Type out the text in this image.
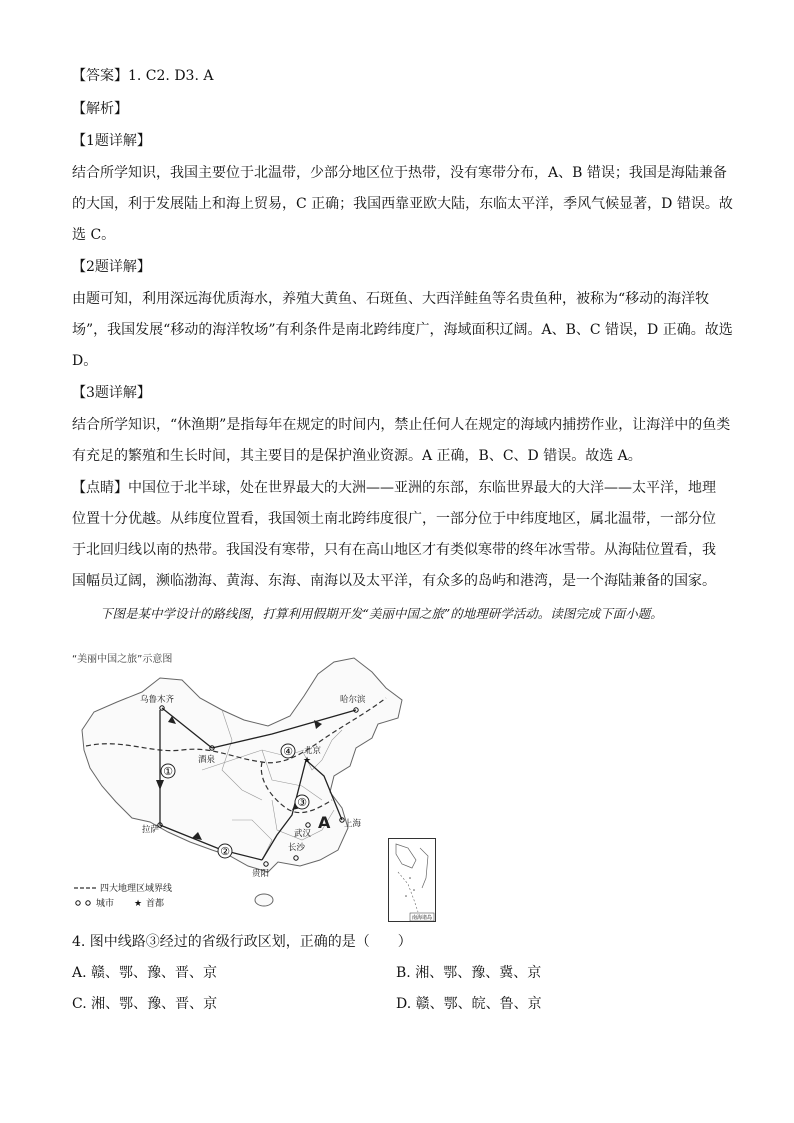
【答案】1. C2. D3. A
【解析】
【1题详解】
结合所学知识，我国主要位于北温带，少部分地区位于热带，没有寒带分布，A、B 错误；我国是海陆兼备
的大国，利于发展陆上和海上贸易，C 正确；我国西靠亚欧大陆，东临太平洋，季风气候显著，D 错误。故
选 C。
【2题详解】
由题可知，利用深远海优质海水，养殖大黄鱼、石斑鱼、大西洋鲑鱼等名贵鱼种，被称为“移动的海洋牧
场”，我国发展“移动的海洋牧场”有利条件是南北跨纬度广，海域面积辽阔。A、B、C 错误，D 正确。故选
D。
【3题详解】
结合所学知识，“休渔期”是指每年在规定的时间内，禁止任何人在规定的海域内捕捞作业，让海洋中的鱼类
有充足的繁殖和生长时间，其主要目的是保护渔业资源。A 正确，B、C、D 错误。故选 A。
【点睛】中国位于北半球，处在世界最大的大洲——亚洲的东部，东临世界最大的大洋——太平洋，地理
位置十分优越。从纬度位置看，我国领土南北跨纬度很广，一部分位于中纬度地区，属北温带，一部分位
于北回归线以南的热带。我国没有寒带，只有在高山地区才有类似寒带的终年冰雪带。从海陆位置看，我
国幅员辽阔，濒临渤海、黄海、东海、南海以及太平洋，有众多的岛屿和港湾，是一个海陆兼备的国家。
下图是某中学设计的路线图，打算利用假期开发“美丽中国之旅”的地理研学活动。读图完成下面小题。
“美丽中国之旅”示意图
①
②
③
④
A
乌鲁木齐	哈尔滨
酒泉	★
北京
拉萨	武汉
上海
长沙
贵阳
四大地理区域界线
城市 ★ 首都
南海诸岛
4. 图中线路③经过的省级行政区划，正确的是（　　）
A. 赣、鄂、豫、晋、京	B. 湘、鄂、豫、冀、京
C. 湘、鄂、豫、晋、京	D. 赣、鄂、皖、鲁、京
